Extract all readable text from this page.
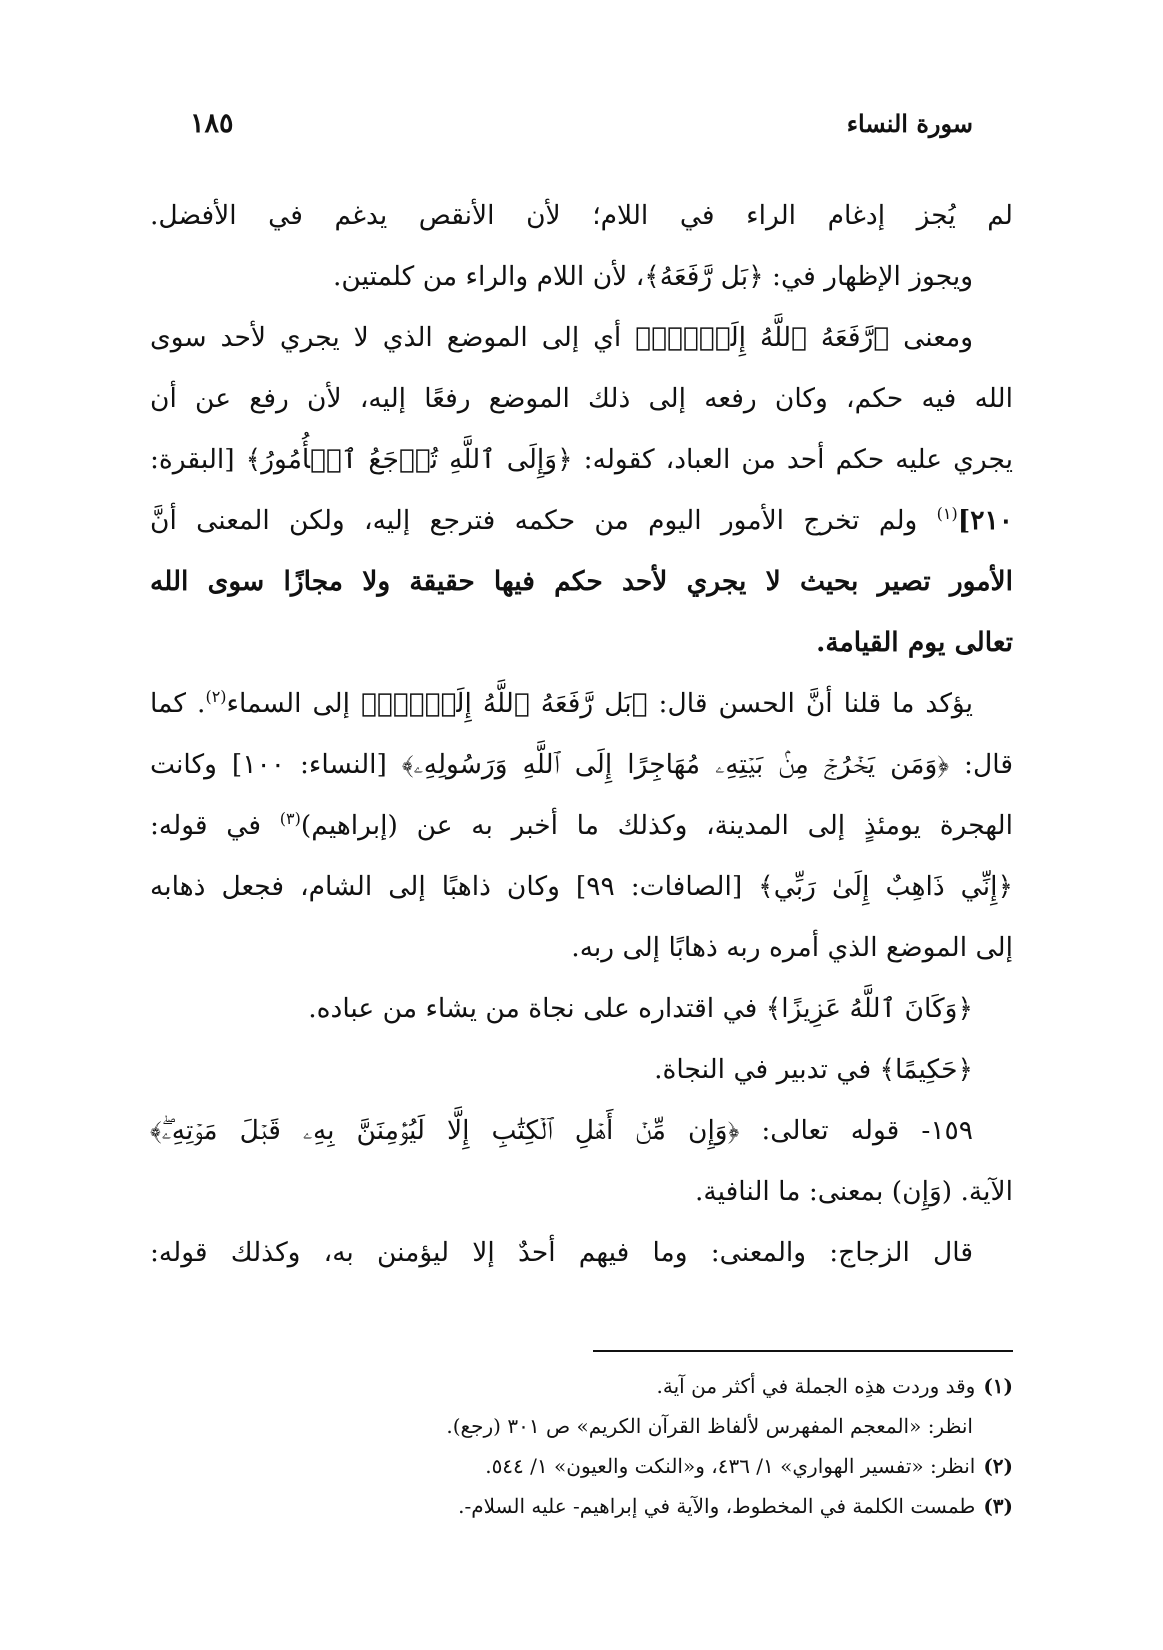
سورة النساء
١٨٥
لم يُجز إدغام الراء في اللام؛ لأن الأنقص يدغم في الأفضل.
ويجوز الإظهار في: ﴿بَل رَّفَعَهُ﴾، لأن اللام والراء من كلمتين.
ومعنى ﴿رَّفَعَهُ ٱللَّهُ إِلَيۡهِۚ﴾ أي إلى الموضع الذي لا يجري لأحد سوى
الله فيه حكم، وكان رفعه إلى ذلك الموضع رفعًا إليه، لأن رفع عن أن
يجري عليه حكم أحد من العباد، كقوله: ﴿وَإِلَى ٱللَّهِ تُرۡجَعُ ٱلۡأُمُورُ﴾ [البقرة:
٢١٠]$^{(١)}$ ولم تخرج الأمور اليوم من حكمه فترجع إليه، ولكن المعنى أنَّ
الأمور تصير بحيث لا يجري لأحد حكم فيها حقيقة ولا مجازًا سوى الله
تعالى يوم القيامة.
يؤكد ما قلنا أنَّ الحسن قال: ﴿بَل رَّفَعَهُ ٱللَّهُ إِلَيۡهِۚ﴾ إلى السماء$^{(٢)}$. كما
قال: ﴿وَمَن يَخۡرُجۡ مِنۢ بَيۡتِهِۦ مُهَاجِرًا إِلَى ٱللَّهِ وَرَسُولِهِۦ﴾ [النساء: ١٠٠] وكانت
الهجرة يومئذٍ إلى المدينة، وكذلك ما أخبر به عن (إبراهيم)$^{(٣)}$ في قوله:
﴿إِنِّي ذَاهِبٌ إِلَىٰ رَبِّي﴾ [الصافات: ٩٩] وكان ذاهبًا إلى الشام، فجعل ذهابه
إلى الموضع الذي أمره ربه ذهابًا إلى ربه.
﴿وَكَانَ ٱللَّهُ عَزِيزًا﴾ في اقتداره على نجاة من يشاء من عباده.
﴿حَكِيمًا﴾ في تدبير في النجاة.
١٥٩- قوله تعالى: ﴿وَإِن مِّنۡ أَهۡلِ ٱلۡكِتَٰبِ إِلَّا لَيُؤۡمِنَنَّ بِهِۦ قَبۡلَ مَوۡتِهِۦۖ﴾
الآية. (وَإِن) بمعنى: ما النافية.
قال الزجاج: والمعنى: وما فيهم أحدٌ إلا ليؤمنن به، وكذلك قوله:
(١)وقد وردت هذِه الجملة في أكثر من آية.
انظر: «المعجم المفهرس لألفاظ القرآن الكريم» ص ٣٠١ (رجع).
(٢)انظر: «تفسير الهواري» ١/ ٤٣٦، و«النكت والعيون» ١/ ٥٤٤.
(٣)طمست الكلمة في المخطوط، والآية في إبراهيم- عليه السلام-.
